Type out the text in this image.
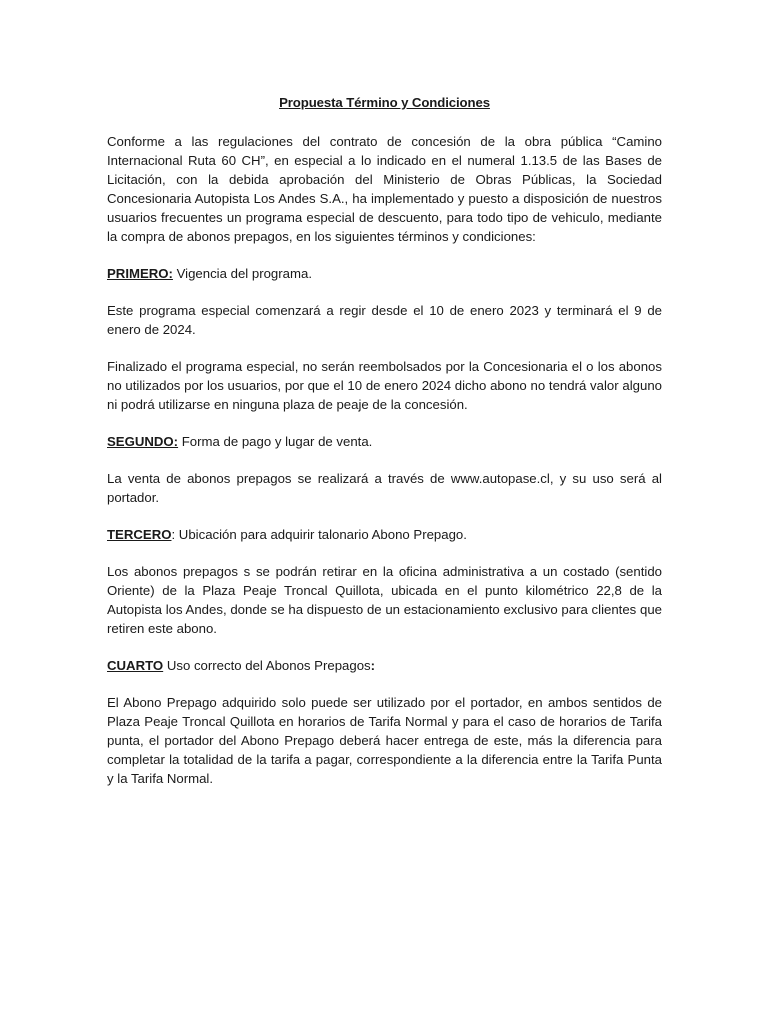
Propuesta Término y Condiciones

Conforme a las regulaciones del contrato de concesión de la obra pública “Camino Internacional Ruta 60 CH”, en especial a lo indicado en el numeral 1.13.5 de las Bases de Licitación, con la debida aprobación del Ministerio de Obras Públicas, la Sociedad Concesionaria Autopista Los Andes S.A., ha implementado y puesto a disposición de nuestros usuarios frecuentes un programa especial de descuento, para todo tipo de vehiculo, mediante la compra de abonos prepagos, en los siguientes términos y condiciones:

PRIMERO: Vigencia del programa.

Este programa especial comenzará a regir desde el 10 de enero 2023 y terminará el 9 de enero de 2024.

Finalizado el programa especial, no serán reembolsados por la Concesionaria el o los abonos no utilizados por los usuarios, por que el 10 de enero 2024 dicho abono no tendrá valor alguno ni podrá utilizarse en ninguna plaza de peaje de la concesión.

SEGUNDO: Forma de pago y lugar de venta.

La venta de abonos prepagos se realizará a través de www.autopase.cl, y su uso será al portador.

TERCERO: Ubicación para adquirir talonario Abono Prepago.

Los abonos prepagos s se podrán retirar en la oficina administrativa a un costado (sentido Oriente) de la Plaza Peaje Troncal Quillota, ubicada en el punto kilométrico 22,8 de la Autopista los Andes, donde se ha dispuesto de un estacionamiento exclusivo para clientes que retiren este abono.

CUARTO Uso correcto del Abonos Prepagos:

El Abono Prepago adquirido solo puede ser utilizado por el portador, en ambos sentidos de Plaza Peaje Troncal Quillota en horarios de Tarifa Normal y para el caso de horarios de Tarifa punta, el portador del Abono Prepago deberá hacer entrega de este, más la diferencia para completar la totalidad de la tarifa a pagar, correspondiente a la diferencia entre la Tarifa Punta y la Tarifa Normal.
